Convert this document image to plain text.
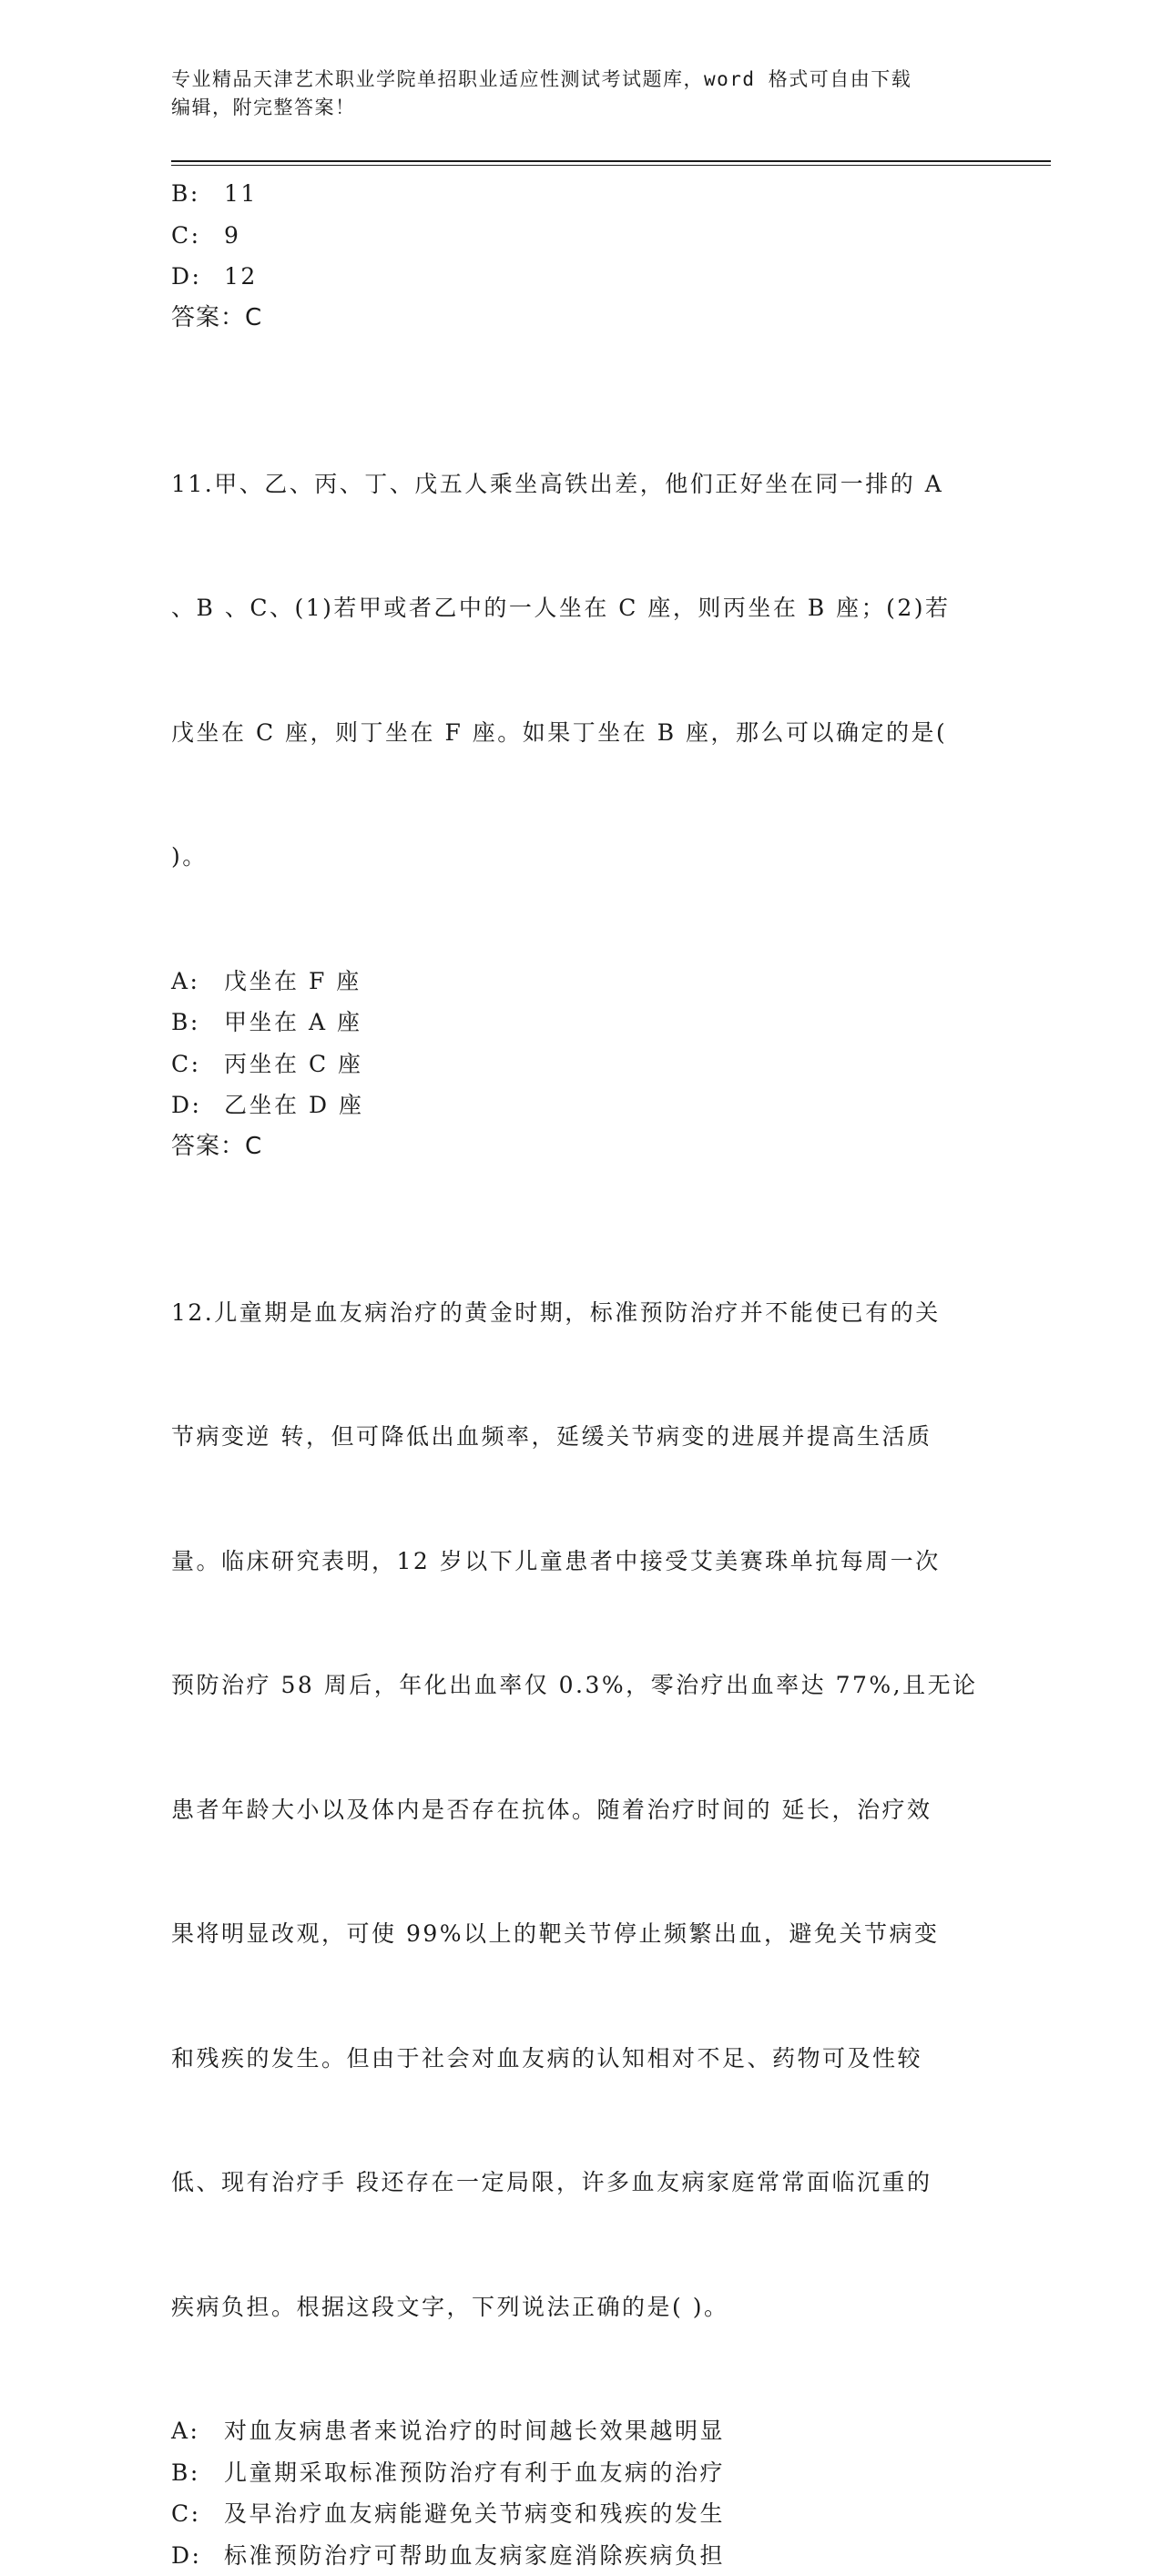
专业精品天津艺术职业学院单招职业适应性测试考试题库，word 格式可自由下载
编辑，附完整答案！

B: 11

C: 9

D: 12

答案：C

11.甲、乙、丙、丁、戊五人乘坐高铁出差，他们正好坐在同一排的 A

、B 、C、(1)若甲或者乙中的一人坐在 C 座，则丙坐在 B 座；(2)若

戊坐在 C 座，则丁坐在 F 座。如果丁坐在 B 座，那么可以确定的是(

)。

A: 戊坐在 F 座

B: 甲坐在 A 座

C: 丙坐在 C 座

D: 乙坐在 D 座

答案：C

12.儿童期是血友病治疗的黄金时期，标准预防治疗并不能使已有的关

节病变逆 转，但可降低出血频率，延缓关节病变的进展并提高生活质

量。临床研究表明，12 岁以下儿童患者中接受艾美赛珠单抗每周一次

预防治疗 58 周后，年化出血率仅 0.3%，零治疗出血率达 77%,且无论

患者年龄大小以及体内是否存在抗体。随着治疗时间的 延长，治疗效

果将明显改观，可使 99%以上的靶关节停止频繁出血，避免关节病变

和残疾的发生。但由于社会对血友病的认知相对不足、药物可及性较

低、现有治疗手 段还存在一定局限，许多血友病家庭常常面临沉重的

疾病负担。根据这段文字，下列说法正确的是( )。

A: 对血友病患者来说治疗的时间越长效果越明显

B: 儿童期采取标准预防治疗有利于血友病的治疗

C: 及早治疗血友病能避免关节病变和残疾的发生

D: 标准预防治疗可帮助血友病家庭消除疾病负担
